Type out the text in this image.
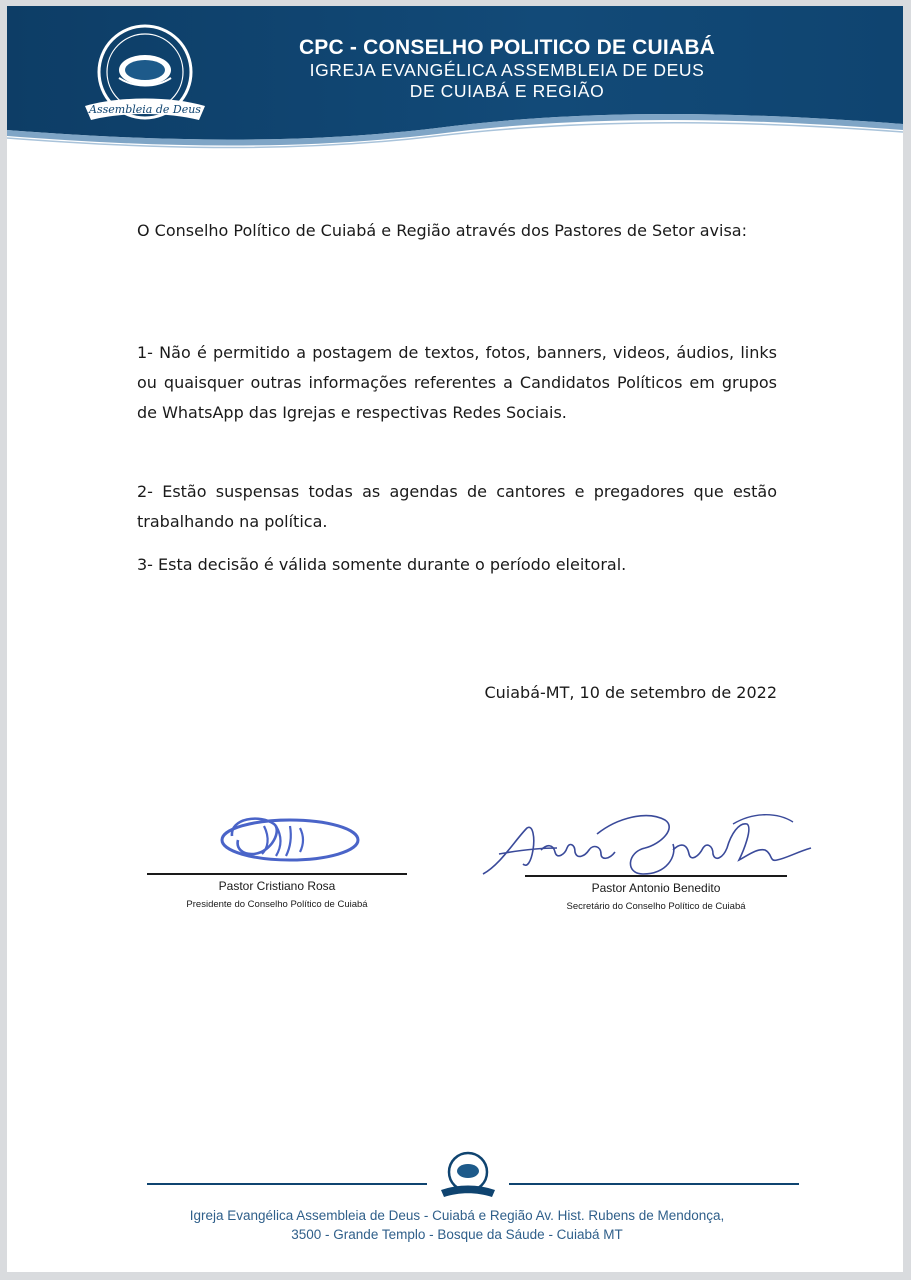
Assembleia de Deus
CPC - CONSELHO POLITICO DE CUIABÁ
IGREJA EVANGÉLICA ASSEMBLEIA DE DEUS
DE CUIABÁ E REGIÃO
O Conselho Político de Cuiabá e Região através dos Pastores de Setor avisa:
1- Não é permitido a postagem de textos, fotos, banners, videos, áudios, links ou quaisquer outras informações referentes a Candidatos Políticos em grupos de WhatsApp das Igrejas e respectivas Redes Sociais.
2- Estão suspensas todas as agendas de cantores e pregadores que estão trabalhando na política.
3- Esta decisão é válida somente durante o período eleitoral.
Cuiabá-MT, 10 de setembro de 2022
Pastor Cristiano Rosa
Presidente do Conselho Político de Cuiabá
Pastor Antonio Benedito
Secretário do Conselho Político de Cuiabá
Igreja Evangélica Assembleia de Deus - Cuiabá e Região Av. Hist. Rubens de Mendonça,
3500 - Grande Templo - Bosque da Sáude - Cuiabá MT
